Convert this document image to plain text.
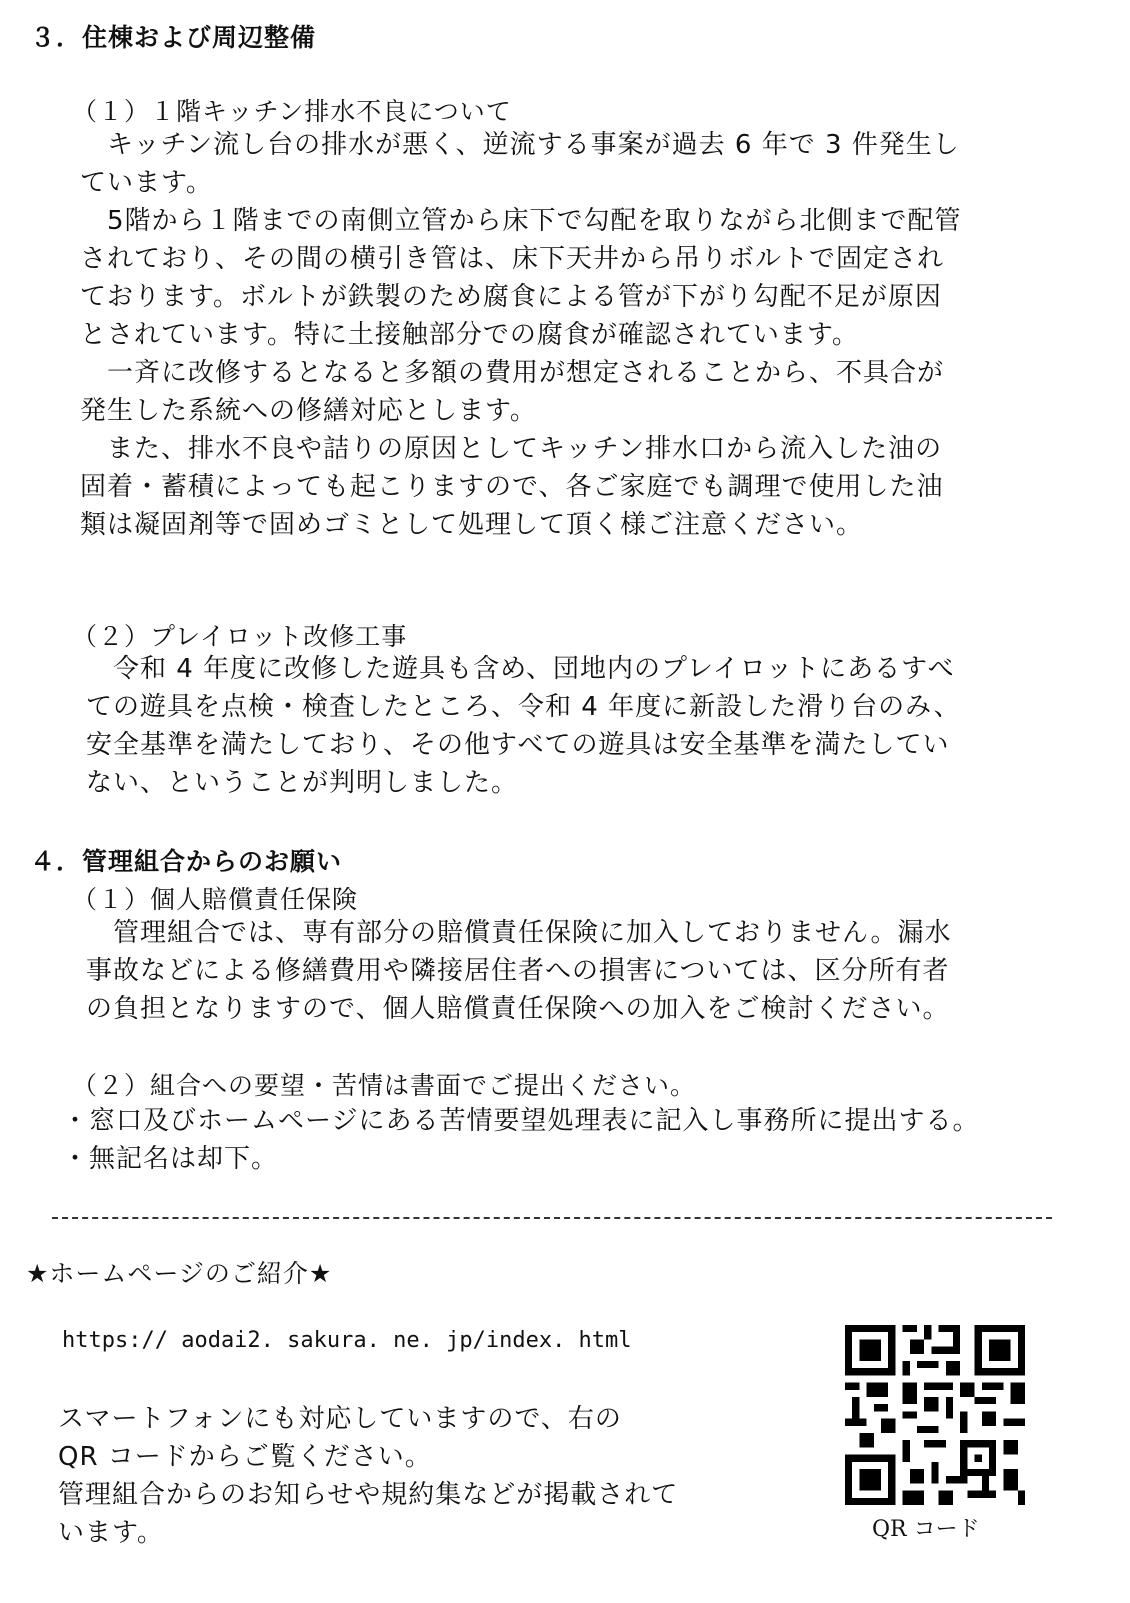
３．住棟および周辺整備
（１）１階キッチン排水不良について
　キッチン流し台の排水が悪く、逆流する事案が過去 6 年で 3 件発生し
ています。
　5階から１階までの南側立管から床下で勾配を取りながら北側まで配管
されており、その間の横引き管は、床下天井から吊りボルトで固定され
ております。ボルトが鉄製のため腐食による管が下がり勾配不足が原因
とされています。特に土接触部分での腐食が確認されています。
　一斉に改修するとなると多額の費用が想定されることから、不具合が
発生した系統への修繕対応とします。
　また、排水不良や詰りの原因としてキッチン排水口から流入した油の
固着・蓄積によっても起こりますので、各ご家庭でも調理で使用した油
類は凝固剤等で固めゴミとして処理して頂く様ご注意ください。
（２）プレイロット改修工事
　令和 4 年度に改修した遊具も含め、団地内のプレイロットにあるすべ
ての遊具を点検・検査したところ、令和 4 年度に新設した滑り台のみ、
安全基準を満たしており、その他すべての遊具は安全基準を満たしてい
ない、ということが判明しました。
４．管理組合からのお願い
（１）個人賠償責任保険
　管理組合では、専有部分の賠償責任保険に加入しておりません。漏水
事故などによる修繕費用や隣接居住者への損害については、区分所有者
の負担となりますので、個人賠償責任保険への加入をご検討ください。
（２）組合への要望・苦情は書面でご提出ください。
・窓口及びホームページにある苦情要望処理表に記入し事務所に提出する。
・無記名は却下。
★ホームページのご紹介★
https:// aodai2. sakura. ne. jp/index. html
スマートフォンにも対応していますので、右の
QR コードからご覧ください。
管理組合からのお知らせや規約集などが掲載されて
います。	QR コード
